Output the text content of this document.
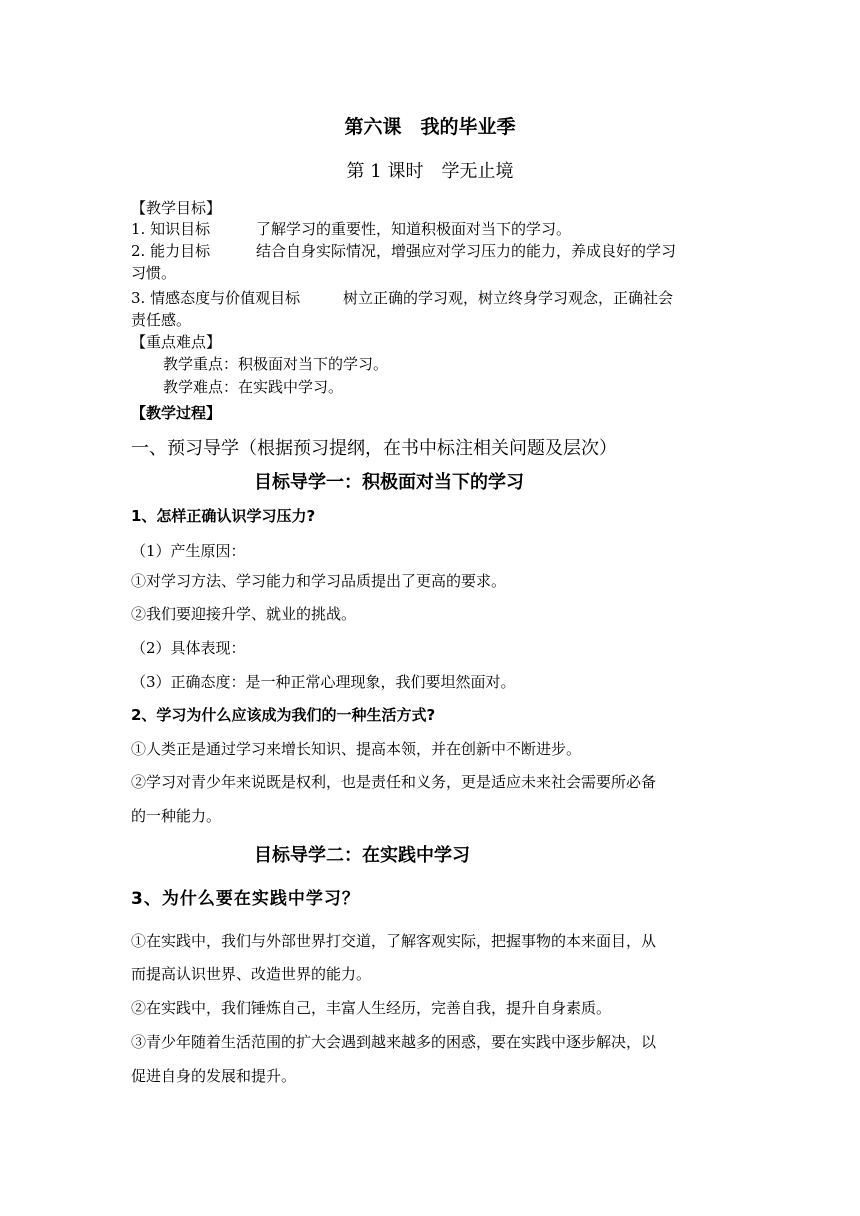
第六课　我的毕业季
第 1 课时　学无止境
【教学目标】
1. 知识目标	了解学习的重要性，知道积极面对当下的学习。
2. 能力目标	结合自身实际情况，增强应对学习压力的能力，养成良好的学习
习惯。
3. 情感态度与价值观目标	树立正确的学习观，树立终身学习观念，正确社会
责任感。
【重点难点】
教学重点：积极面对当下的学习。
教学难点：在实践中学习。
【教学过程】
一、预习导学（根据预习提纲，在书中标注相关问题及层次）
目标导学一：积极面对当下的学习
1、怎样正确认识学习压力?
（1）产生原因：
①对学习方法、学习能力和学习品质提出了更高的要求。
②我们要迎接升学、就业的挑战。
（2）具体表现：
（3）正确态度：是一种正常心理现象，我们要坦然面对。
2、学习为什么应该成为我们的一种生活方式?
①人类正是通过学习来增长知识、提高本领，并在创新中不断进步。
②学习对青少年来说既是权利，也是责任和义务，更是适应未来社会需要所必备
的一种能力。
目标导学二：在实践中学习
3、为什么要在实践中学习？
①在实践中，我们与外部世界打交道，了解客观实际，把握事物的本来面目，从
而提高认识世界、改造世界的能力。
②在实践中，我们锤炼自己，丰富人生经历，完善自我，提升自身素质。
③青少年随着生活范围的扩大会遇到越来越多的困惑，要在实践中逐步解决，以
促进自身的发展和提升。
